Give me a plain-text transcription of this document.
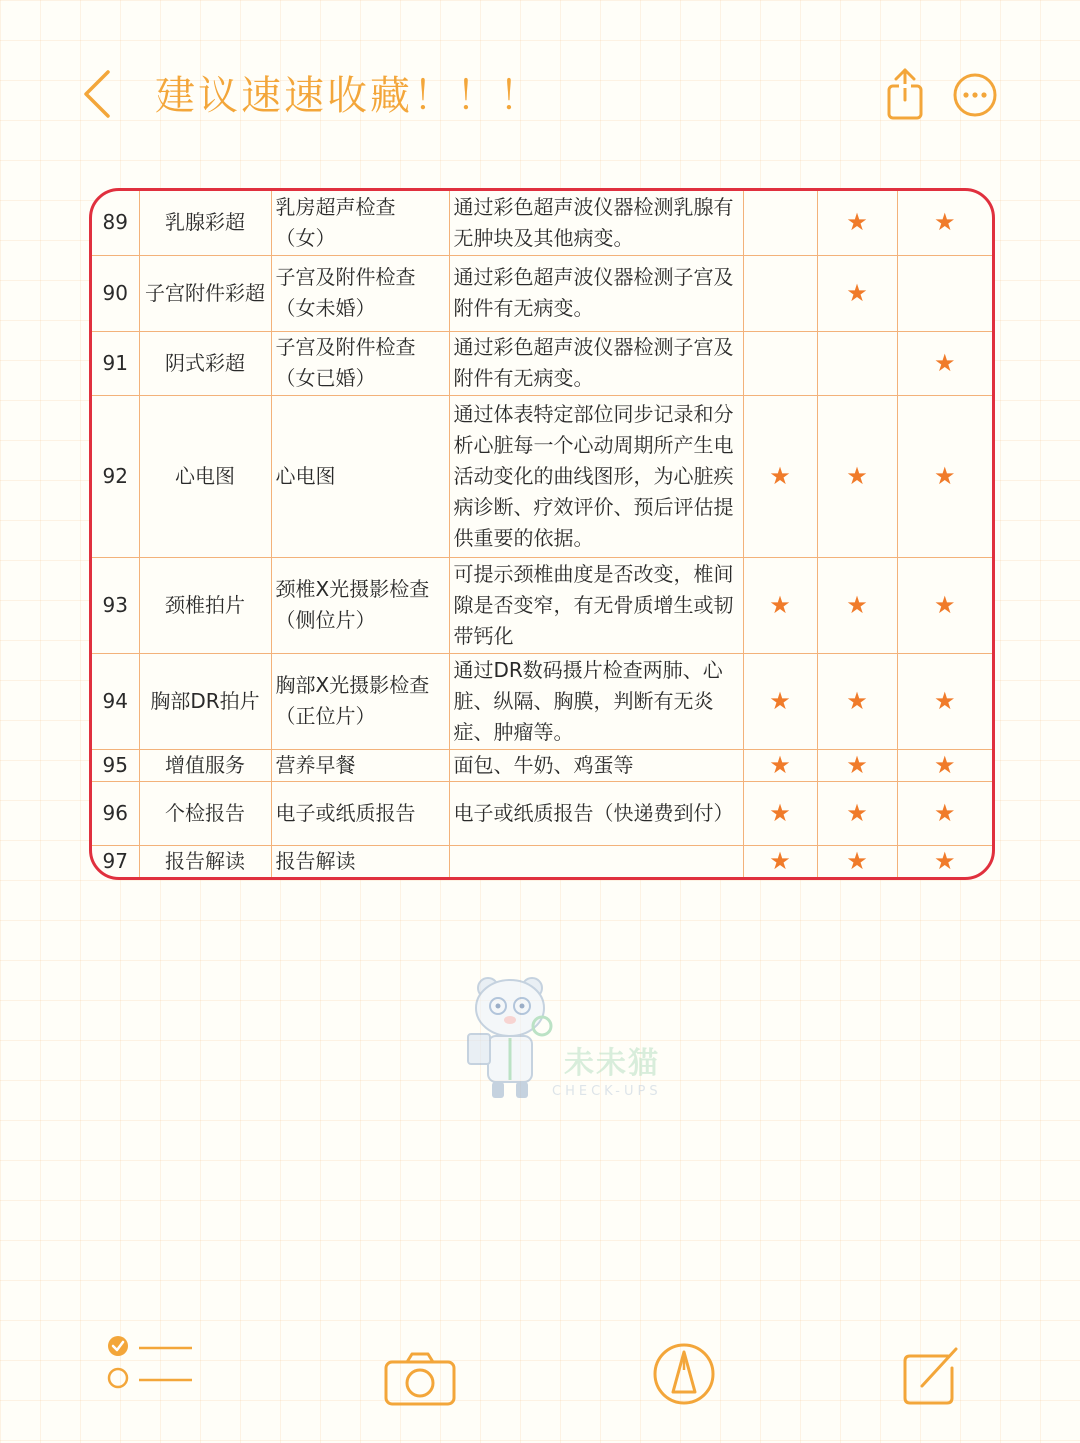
建议速速收藏！！！
89	乳腺彩超	乳房超声检查（女）	通过彩色超声波仪器检测乳腺有无肿块及其他病变。		★	★
90	子宫附件彩超	子宫及附件检查（女未婚）	通过彩色超声波仪器检测子宫及附件有无病变。		★	
91	阴式彩超	子宫及附件检查（女已婚）	通过彩色超声波仪器检测子宫及附件有无病变。			★
92	心电图	心电图	通过体表特定部位同步记录和分析心脏每一个心动周期所产生电活动变化的曲线图形，为心脏疾病诊断、疗效评价、预后评估提供重要的依据。	★	★	★
93	颈椎拍片	颈椎X光摄影检查（侧位片）	可提示颈椎曲度是否改变，椎间隙是否变窄，有无骨质增生或韧带钙化	★	★	★
94	胸部DR拍片	胸部X光摄影检查（正位片）	通过DR数码摄片检查两肺、心脏、纵隔、胸膜，判断有无炎症、肿瘤等。	★	★	★
95	增值服务	营养早餐	面包、牛奶、鸡蛋等	★	★	★
96	个检报告	电子或纸质报告	电子或纸质报告（快递费到付）	★	★	★
97	报告解读	报告解读		★	★	★
未未猫
CHECK-UPS
